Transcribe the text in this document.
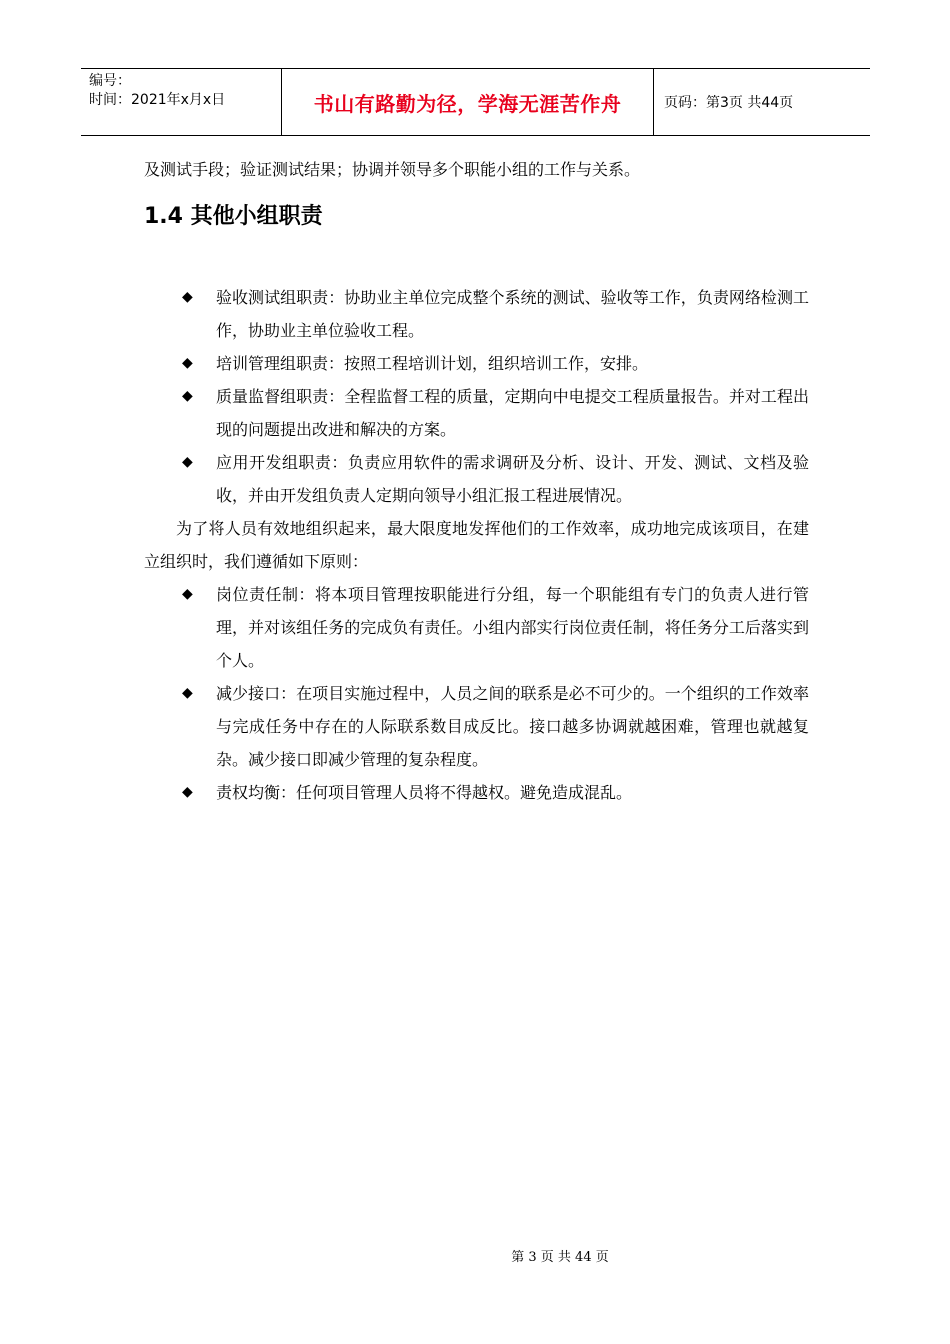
编号：
时间：2021年x月x日	书山有路勤为径，学海无涯苦作舟	页码：第3页 共44页
及测试手段；验证测试结果；协调并领导多个职能小组的工作与关系。
1.4 其他小组职责
◆ 验收测试组职责：协助业主单位完成整个系统的测试、验收等工作，负责网络检测工作，协助业主单位验收工程。
◆ 培训管理组职责：按照工程培训计划，组织培训工作，安排。
◆ 质量监督组职责：全程监督工程的质量，定期向中电提交工程质量报告。并对工程出现的问题提出改进和解决的方案。
◆ 应用开发组职责：负责应用软件的需求调研及分析、设计、开发、测试、文档及验收，并由开发组负责人定期向领导小组汇报工程进展情况。

为了将人员有效地组织起来，最大限度地发挥他们的工作效率，成功地完成该项目，在建立组织时，我们遵循如下原则：

◆ 岗位责任制：将本项目管理按职能进行分组，每一个职能组有专门的负责人进行管理，并对该组任务的完成负有责任。小组内部实行岗位责任制，将任务分工后落实到个人。
◆ 减少接口：在项目实施过程中，人员之间的联系是必不可少的。一个组织的工作效率与完成任务中存在的人际联系数目成反比。接口越多协调就越困难，管理也就越复杂。减少接口即减少管理的复杂程度。
◆ 责权均衡：任何项目管理人员将不得越权。避免造成混乱。
第 3 页 共 44 页
